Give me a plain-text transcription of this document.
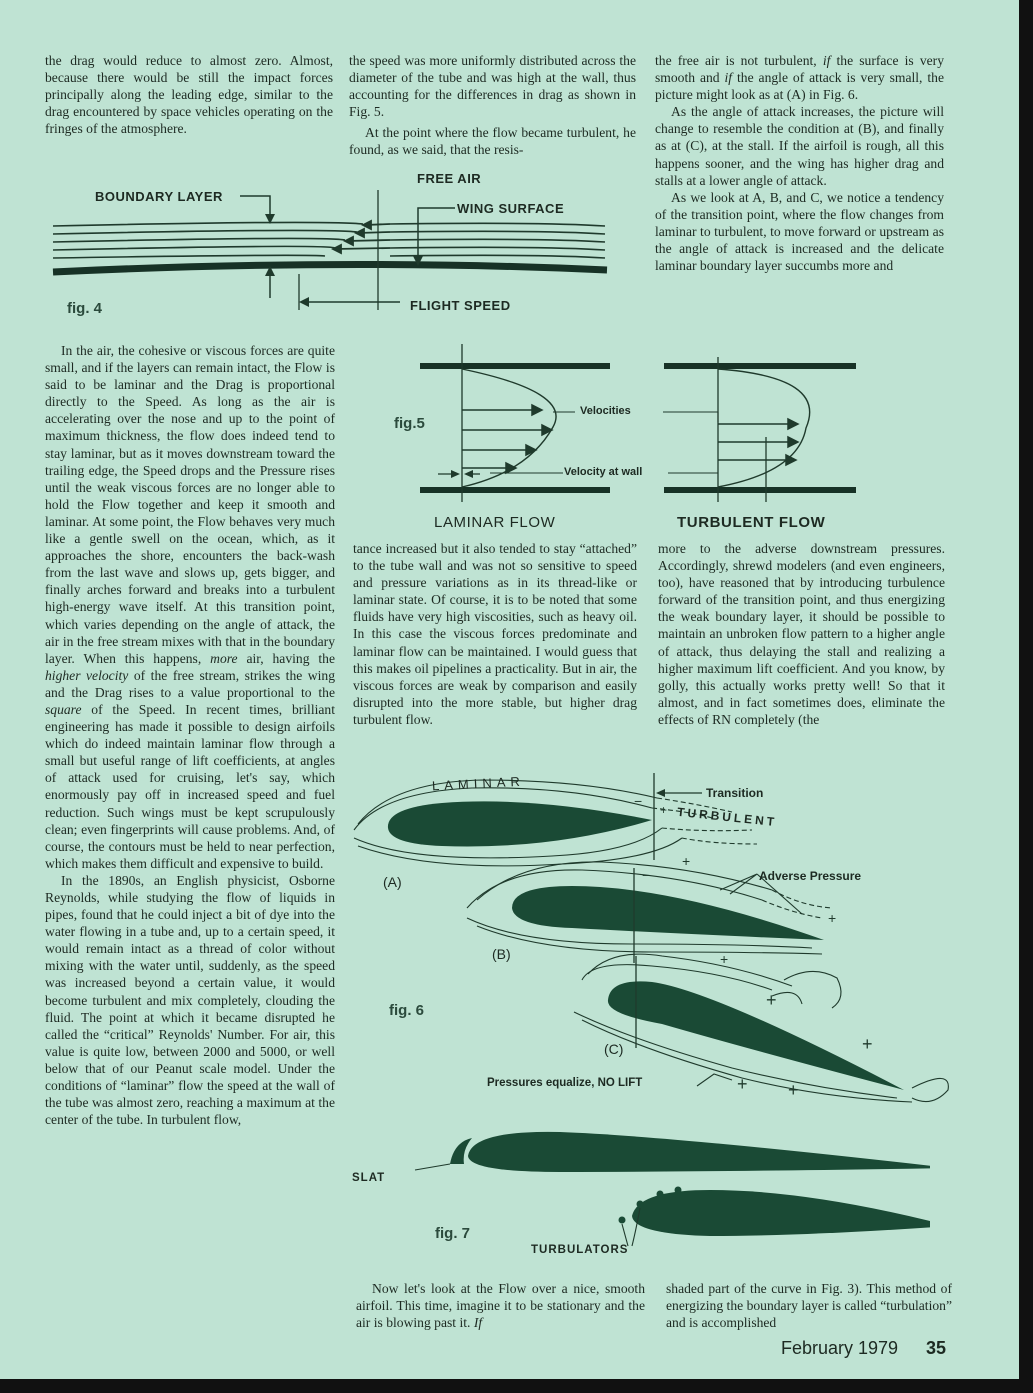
the drag would reduce to almost zero. Almost, because there would be still the impact forces principally along the leading edge, similar to the drag encountered by space vehicles operating on the fringes of the atmosphere.

the speed was more uniformly distributed across the diameter of the tube and was high at the wall, thus accounting for the differences in drag as shown in Fig. 5.

At the point where the flow became turbulent, he found, as we said, that the resis-

the free air is not turbulent, if the surface is very smooth and if the angle of attack is very small, the picture might look as at (A) in Fig. 6.

As the angle of attack increases, the picture will change to resemble the condition at (B), and finally as at (C), at the stall. If the airfoil is rough, all this happens sooner, and the wing has higher drag and stalls at a lower angle of attack.

As we look at A, B, and C, we notice a tendency of the transition point, where the flow changes from laminar to turbulent, to move forward or upstream as the angle of attack is increased and the delicate laminar boundary layer succumbs more and

BOUNDARY LAYER
FREE AIR
WING SURFACE
FLIGHT SPEED
fig. 4
fig.5
Velocities
Velocity at wall
LAMINAR FLOW	TURBULENT FLOW

In the air, the cohesive or viscous forces are quite small, and if the layers can remain intact, the Flow is said to be laminar and the Drag is proportional directly to the Speed. As long as the air is accelerating over the nose and up to the point of maximum thickness, the flow does indeed tend to stay laminar, but as it moves downstream toward the trailing edge, the Speed drops and the Pressure rises until the weak viscous forces are no longer able to hold the Flow together and keep it smooth and laminar. At some point, the Flow behaves very much like a gentle swell on the ocean, which, as it approaches the shore, encounters the back-wash from the last wave and slows up, gets bigger, and finally arches forward and breaks into a turbulent high-energy wave itself. At this transition point, which varies depending on the angle of attack, the air in the free stream mixes with that in the boundary layer. When this happens, more air, having the higher velocity of the free stream, strikes the wing and the Drag rises to a value proportional to the square of the Speed. In recent times, brilliant engineering has made it possible to design airfoils which do indeed maintain laminar flow through a small but useful range of lift coefficients, at angles of attack used for cruising, let's say, which enormously pay off in increased speed and fuel reduction. Such wings must be kept scrupulously clean; even fingerprints will cause problems. And, of course, the contours must be held to near perfection, which makes them difficult and expensive to build.

In the 1890s, an English physicist, Osborne Reynolds, while studying the flow of liquids in pipes, found that he could inject a bit of dye into the water flowing in a tube and, up to a certain speed, it would remain intact as a thread of color without mixing with the water until, suddenly, as the speed was increased beyond a certain value, it would become turbulent and mix completely, clouding the fluid. The point at which it became disrupted he called the “critical” Reynolds' Number. For air, this value is quite low, between 2000 and 5000, or well below that of our Peanut scale model. Under the conditions of “laminar” flow the speed at the wall of the tube was almost zero, reaching a maximum at the center of the tube. In turbulent flow,

tance increased but it also tended to stay “attached” to the tube wall and was not so sensitive to speed and pressure variations as in its thread-like or laminar state. Of course, it is to be noted that some fluids have very high viscosities, such as heavy oil. In this case the viscous forces predominate and laminar flow can be maintained. I would guess that this makes oil pipelines a practicality. But in air, the viscous forces are weak by comparison and easily disrupted into the more stable, but higher drag turbulent flow.

more to the adverse downstream pressures. Accordingly, shrewd modelers (and even engineers, too), have reasoned that by introducing turbulence forward of the transition point, and thus energizing the weak boundary layer, it should be possible to maintain an unbroken flow pattern to a higher angle of attack, thus delaying the stall and realizing a higher maximum lift coefficient. And you know, by golly, this actually works pretty well! So that it almost, and in fact sometimes does, eliminate the effects of RN completely (the

−
+
+
−
+
+
+
+
+ +
LAMINAR	Transition
TURBULENT
Adverse Pressure
(A)
(B)
(C)
Pressures equalize, NO LIFT
fig. 6
SLAT
TURBULATORS
fig. 7

Now let's look at the Flow over a nice, smooth airfoil. This time, imagine it to be stationary and the air is blowing past it. If

shaded part of the curve in Fig. 3). This method of energizing the boundary layer is called “turbulation” and is accomplished

February 1979 35
